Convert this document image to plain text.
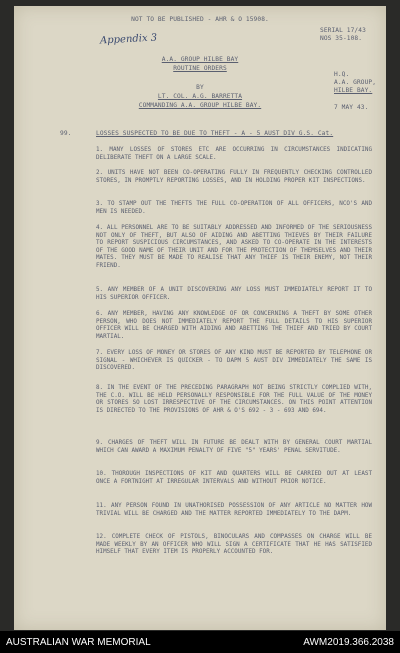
NOT TO BE PUBLISHED - AHR & O 15908.
Appendix 3
SERIAL 17/43
NOS 35-108.
A.A. GROUP HILBE BAY
ROUTINE ORDERS
BY
LT. COL. A.G. BARRETTA
COMMANDING A.A. GROUP HILBE BAY.
H.Q.
A.A. GROUP,
HILBE BAY.
7 MAY 43.
99.	LOSSES SUSPECTED TO BE DUE TO THEFT - A - 5 AUST DIV G.S. Cat.
1. MANY LOSSES OF STORES ETC ARE OCCURRING IN CIRCUMSTANCES INDICATING DELIBERATE THEFT ON A LARGE SCALE.
2. UNITS HAVE NOT BEEN CO-OPERATING FULLY IN FREQUENTLY CHECKING CONTROLLED STORES, IN PROMPTLY REPORTING LOSSES, AND IN HOLDING PROPER KIT INSPECTIONS.
3. TO STAMP OUT THE THEFTS THE FULL CO-OPERATION OF ALL OFFICERS, NCO'S AND MEN IS NEEDED.
4. ALL PERSONNEL ARE TO BE SUITABLY ADDRESSED AND INFORMED OF THE SERIOUSNESS NOT ONLY OF THEFT, BUT ALSO OF AIDING AND ABETTING THIEVES BY THEIR FAILURE TO REPORT SUSPICIOUS CIRCUMSTANCES, AND ASKED TO CO-OPERATE IN THE INTERESTS OF THE GOOD NAME OF THEIR UNIT AND FOR THE PROTECTION OF THEMSELVES AND THEIR MATES. THEY MUST BE MADE TO REALISE THAT ANY THIEF IS THEIR ENEMY, NOT THEIR FRIEND.
5. ANY MEMBER OF A UNIT DISCOVERING ANY LOSS MUST IMMEDIATELY REPORT IT TO HIS SUPERIOR OFFICER.
6. ANY MEMBER, HAVING ANY KNOWLEDGE OF OR CONCERNING A THEFT BY SOME OTHER PERSON, WHO DOES NOT IMMEDIATELY REPORT THE FULL DETAILS TO HIS SUPERIOR OFFICER WILL BE CHARGED WITH AIDING AND ABETTING THE THIEF AND TRIED BY COURT MARTIAL.
7. EVERY LOSS OF MONEY OR STORES OF ANY KIND MUST BE REPORTED BY TELEPHONE OR SIGNAL - WHICHEVER IS QUICKER - TO DAPM 5 AUST DIV IMMEDIATELY THE SAME IS DISCOVERED.
8. IN THE EVENT OF THE PRECEDING PARAGRAPH NOT BEING STRICTLY COMPLIED WITH, THE C.O. WILL BE HELD PERSONALLY RESPONSIBLE FOR THE FULL VALUE OF THE MONEY OR STORES SO LOST IRRESPECTIVE OF THE CIRCUMSTANCES. ON THIS POINT ATTENTION IS DIRECTED TO THE PROVISIONS OF AHR & O'S 692 - 3 - 693 AND 694.
9. CHARGES OF THEFT WILL IN FUTURE BE DEALT WITH BY GENERAL COURT MARTIAL WHICH CAN AWARD A MAXIMUM PENALTY OF FIVE "5" YEARS' PENAL SERVITUDE.
10. THOROUGH INSPECTIONS OF KIT AND QUARTERS WILL BE CARRIED OUT AT LEAST ONCE A FORTNIGHT AT IRREGULAR INTERVALS AND WITHOUT PRIOR NOTICE.
11. ANY PERSON FOUND IN UNATHORISED POSSESSION OF ANY ARTICLE NO MATTER HOW TRIVIAL WILL BE CHARGED AND THE MATTER REPORTED IMMEDIATELY TO THE DAPM.
12. COMPLETE CHECK OF PISTOLS, BINOCULARS AND COMPASSES ON CHARGE WILL BE MADE WEEKLY BY AN OFFICER WHO WILL SIGN A CERTIFICATE THAT HE HAS SATISFIED HIMSELF THAT EVERY ITEM IS PROPERLY ACCOUNTED FOR.
AUSTRALIAN WAR MEMORIAL	AWM2019.366.2038
